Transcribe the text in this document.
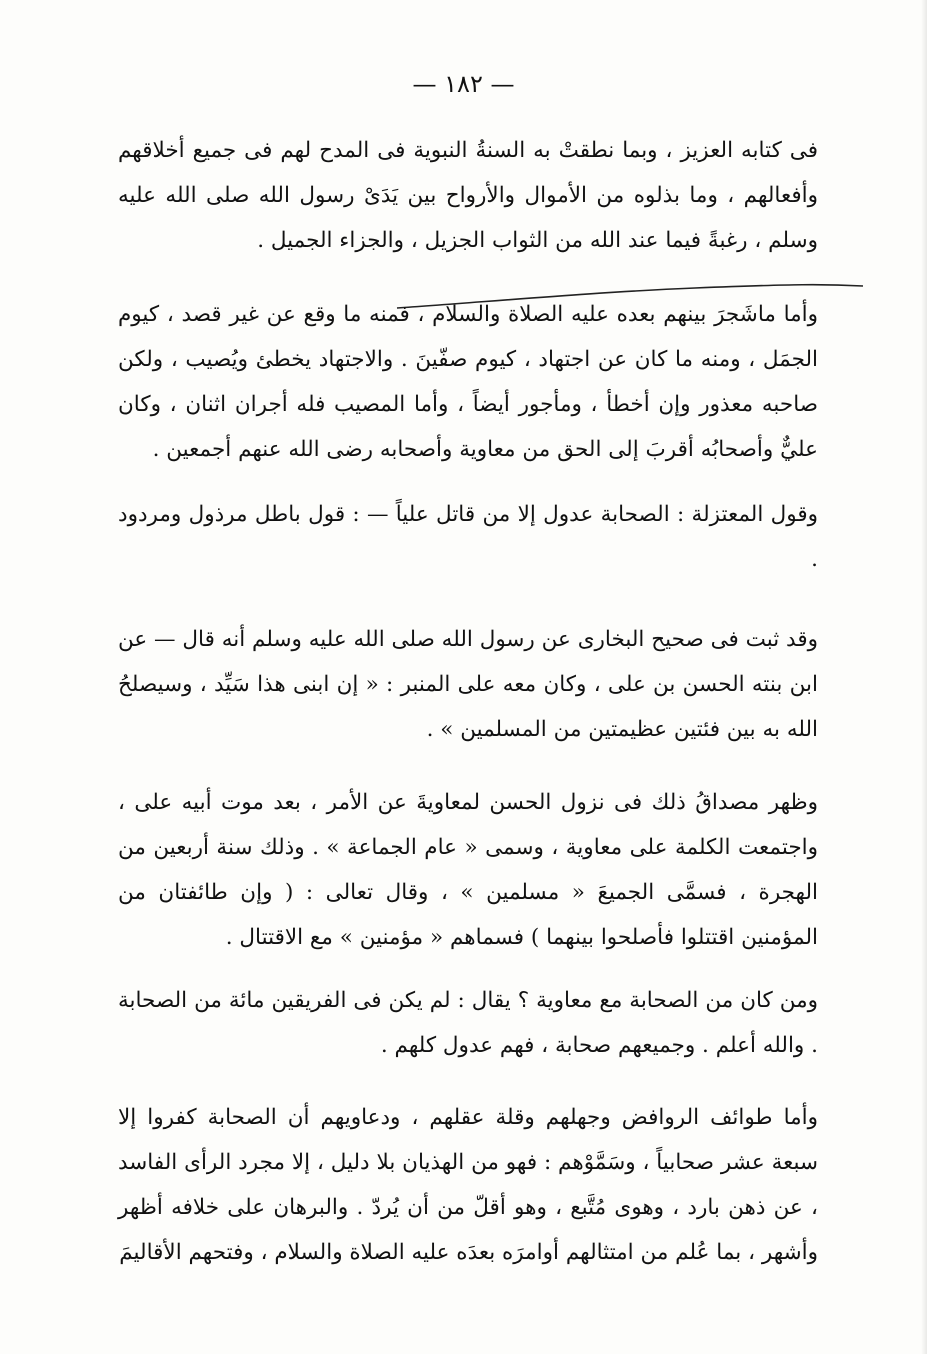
— ١٨٢ —

فى كتابه العزيز ، وبما نطقتْ به السنةُ النبوية فى المدح لهم فى جميع أخلاقهم وأفعالهم ، وما بذلوه من الأموال والأرواح بين يَدَىْ رسول الله صلى الله عليه وسلم ، رغبةً فيما عند الله من الثواب الجزيل ، والجزاء الجميل .

وأما ماشَجرَ بينهم بعده عليه الصلاة والسلام ، فمنه ما وقع عن غير قصد ، كيوم الجمَل ، ومنه ما كان عن اجتهاد ، كيوم صفّينَ . والاجتهاد يخطئ ويُصيب ، ولكن صاحبه معذور وإن أخطأ ، ومأجور أيضاً ، وأما المصيب فله أجران اثنان ، وكان عليٌّ وأصحابُه أقربَ إلى الحق من معاوية وأصحابه رضى الله عنهم أجمعين .

وقول المعتزلة : الصحابة عدول إلا من قاتل علياً — : قول باطل مرذول ومردود .

وقد ثبت فى صحيح البخارى عن رسول الله صلى الله عليه وسلم أنه قال — عن ابن بنته الحسن بن على ، وكان معه على المنبر : « إن ابنى هذا سَيِّد ، وسيصلحُ الله به بين فئتين عظيمتين من المسلمين » .

وظهر مصداقُ ذلك فى نزول الحسن لمعاويةَ عن الأمر ، بعد موت أبيه على ، واجتمعت الكلمة على معاوية ، وسمى « عام الجماعة » . وذلك سنة أربعين من الهجرة ، فسمَّى الجميعَ « مسلمين » ، وقال تعالى : ( وإن طائفتان من المؤمنين اقتتلوا فأصلحوا بينهما ) فسماهم « مؤمنين » مع الاقتتال .

ومن كان من الصحابة مع معاوية ؟ يقال : لم يكن فى الفريقين مائة من الصحابة . والله أعلم . وجميعهم صحابة ، فهم عدول كلهم .

وأما طوائف الروافض وجهلهم وقلة عقلهم ، ودعاويهم أن الصحابة كفروا إلا سبعة عشر صحابياً ، وسَمَّوْهم : فهو من الهذيان بلا دليل ، إلا مجرد الرأى الفاسد ، عن ذهن بارد ، وهوى مُتَّبع ، وهو أقلّ من أن يُردّ . والبرهان على خلافه أظهر وأشهر ، بما عُلم من امتثالهم أوامرَه بعدَه عليه الصلاة والسلام ، وفتحهم الأقاليمَ
